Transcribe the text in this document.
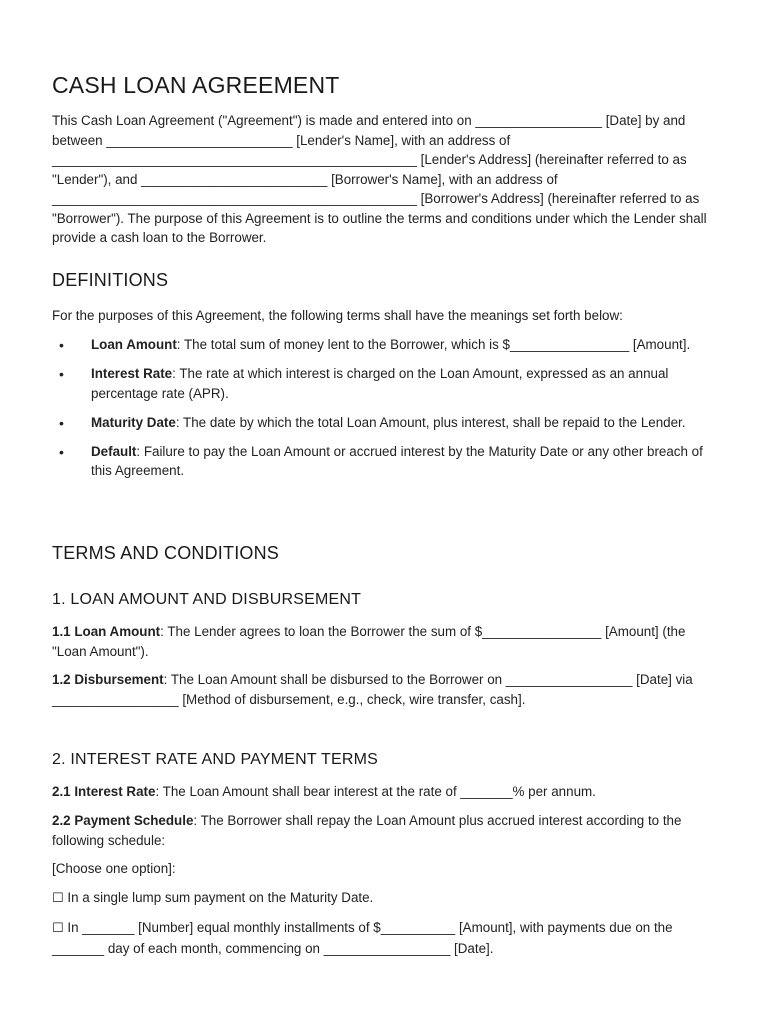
CASH LOAN AGREEMENT

This Cash Loan Agreement ("Agreement") is made and entered into on _________________ [Date] by and between _________________________ [Lender's Name], with an address of _________________________________________________ [Lender's Address] (hereinafter referred to as "Lender"), and _________________________ [Borrower's Name], with an address of _________________________________________________ [Borrower's Address] (hereinafter referred to as "Borrower"). The purpose of this Agreement is to outline the terms and conditions under which the Lender shall provide a cash loan to the Borrower.

DEFINITIONS

For the purposes of this Agreement, the following terms shall have the meanings set forth below:

• Loan Amount: The total sum of money lent to the Borrower, which is $________________ [Amount].
• Interest Rate: The rate at which interest is charged on the Loan Amount, expressed as an annual percentage rate (APR).
• Maturity Date: The date by which the total Loan Amount, plus interest, shall be repaid to the Lender.
• Default: Failure to pay the Loan Amount or accrued interest by the Maturity Date or any other breach of this Agreement.
TERMS AND CONDITIONS
1. LOAN AMOUNT AND DISBURSEMENT

1.1 Loan Amount: The Lender agrees to loan the Borrower the sum of $________________ [Amount] (the "Loan Amount").

1.2 Disbursement: The Loan Amount shall be disbursed to the Borrower on _________________ [Date] via _________________ [Method of disbursement, e.g., check, wire transfer, cash].

2. INTEREST RATE AND PAYMENT TERMS

2.1 Interest Rate: The Loan Amount shall bear interest at the rate of _______% per annum.

2.2 Payment Schedule: The Borrower shall repay the Loan Amount plus accrued interest according to the following schedule:

[Choose one option]:

☐ In a single lump sum payment on the Maturity Date.

☐ In _______ [Number] equal monthly installments of $__________ [Amount], with payments due on the _______ day of each month, commencing on _________________ [Date].
